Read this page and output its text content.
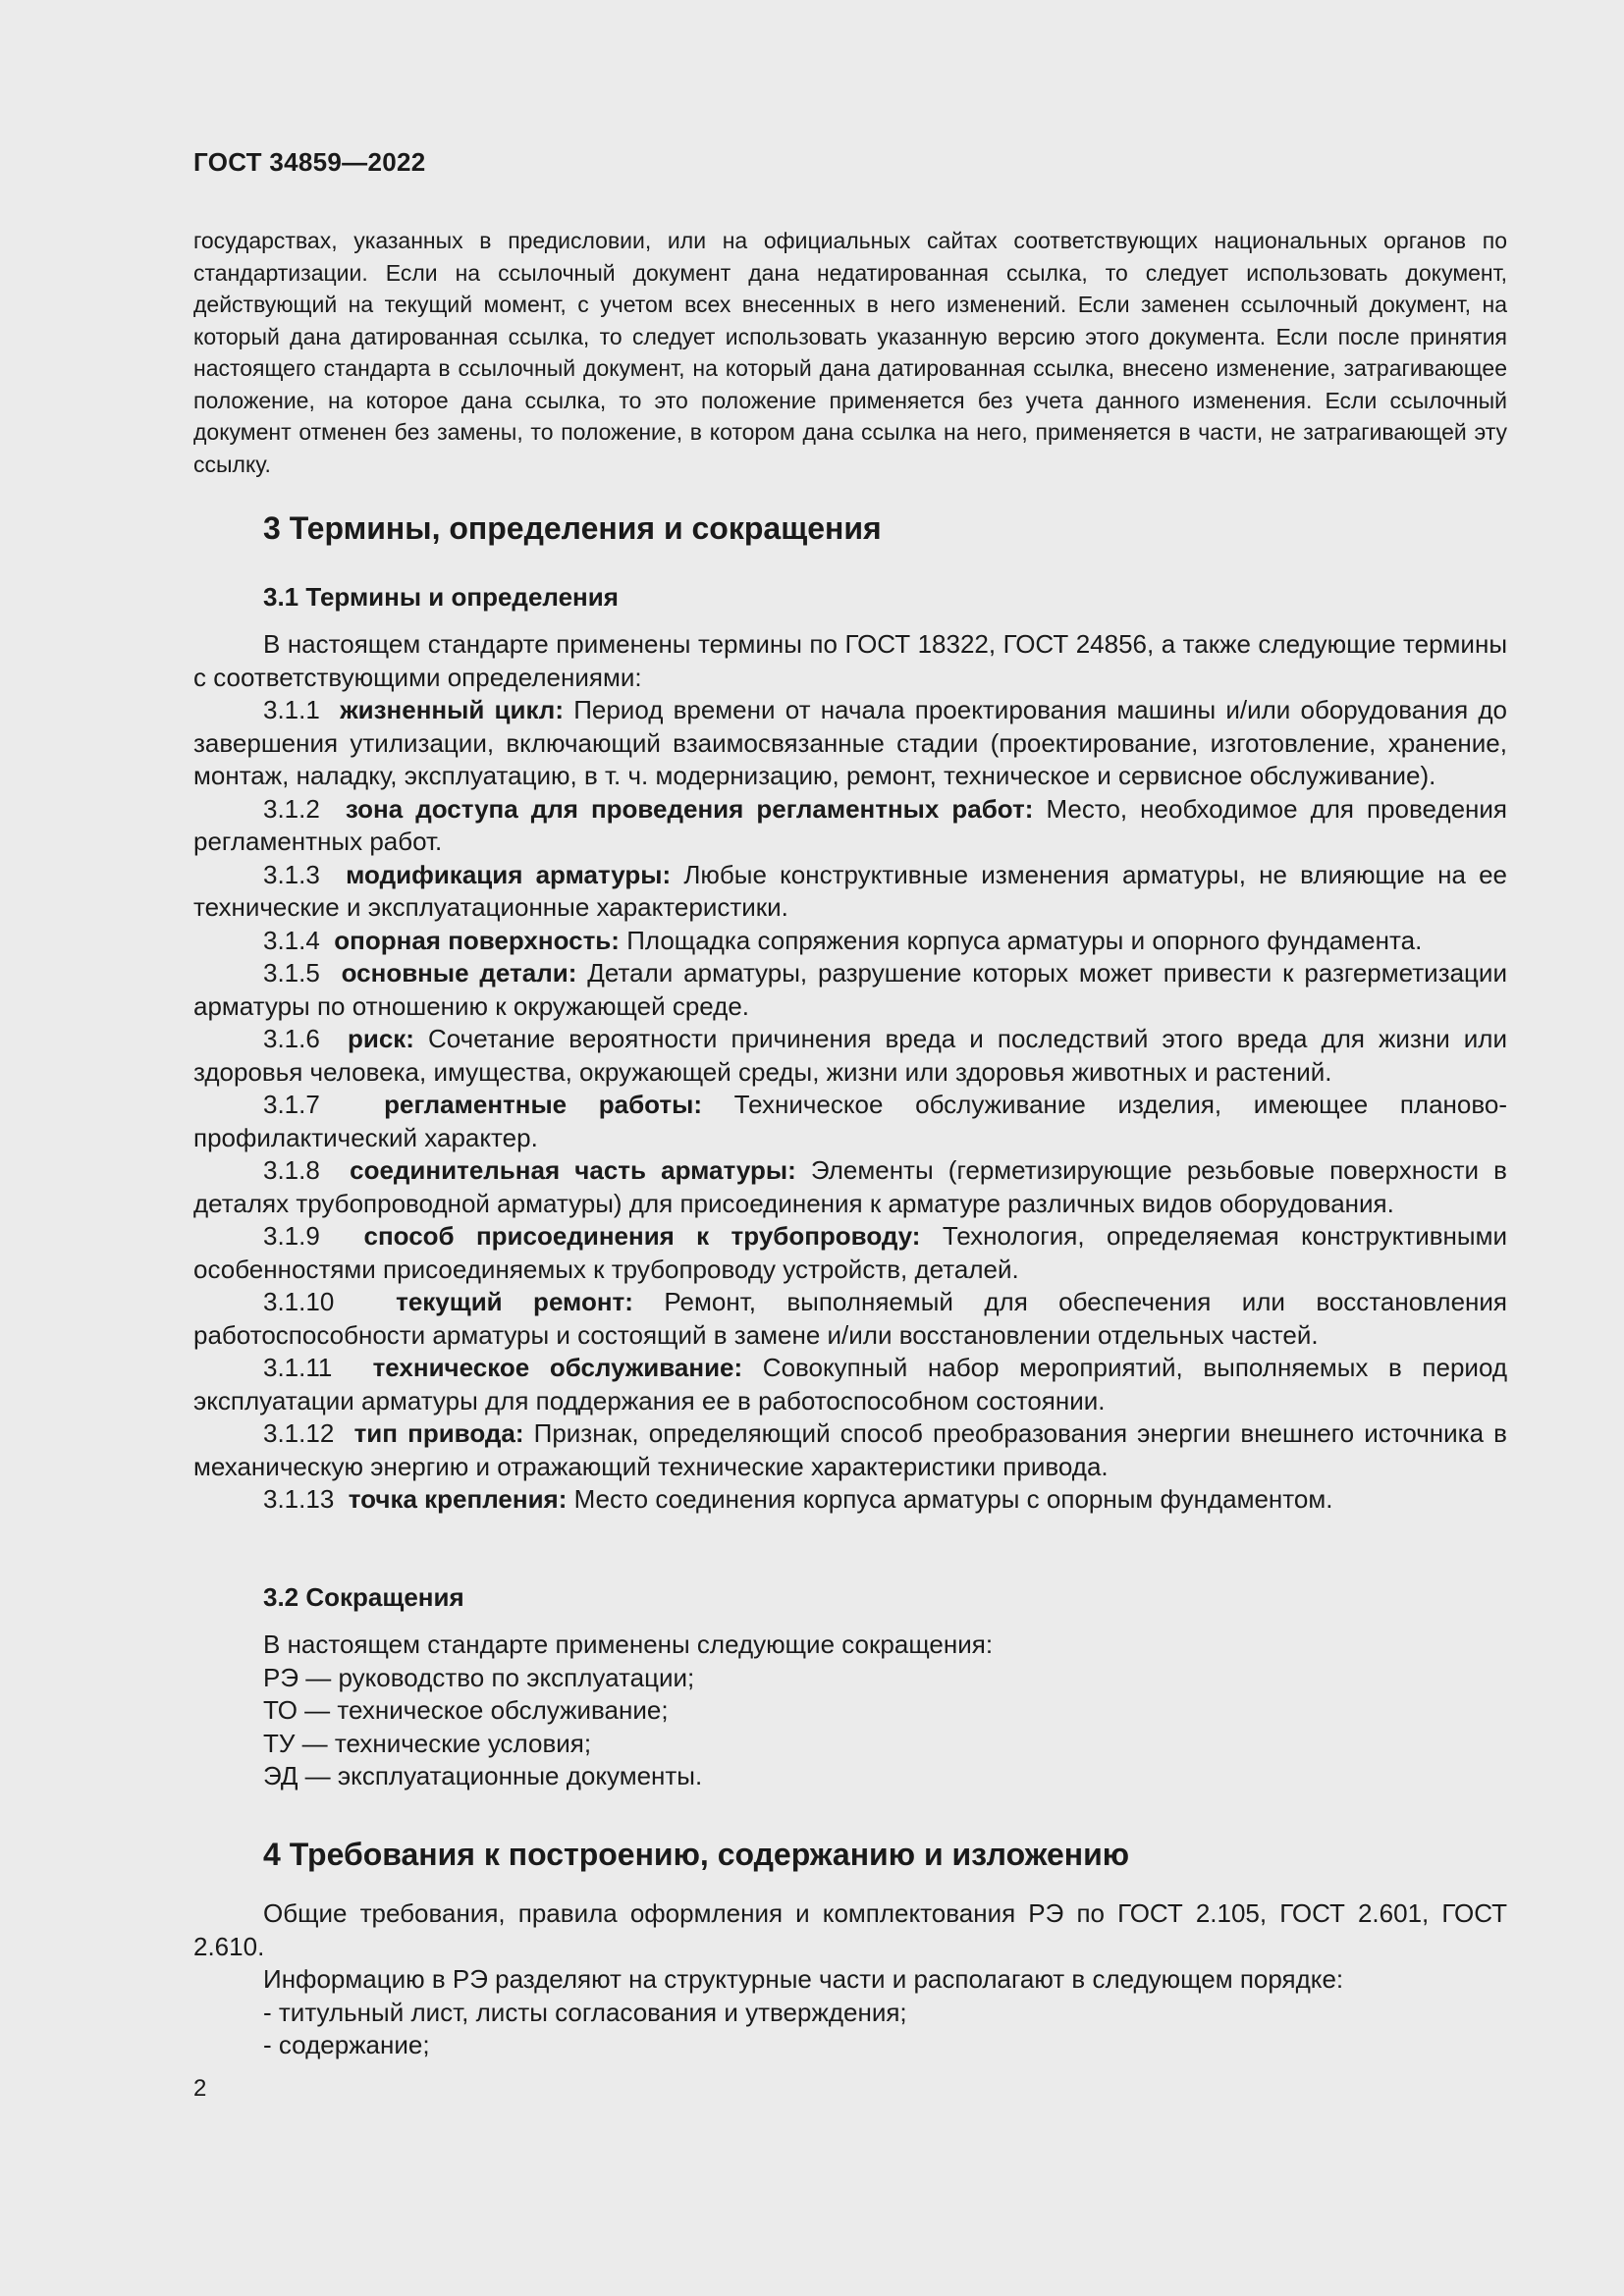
ГОСТ 34859—2022
государствах, указанных в предисловии, или на официальных сайтах соответствующих национальных органов по стандартизации. Если на ссылочный документ дана недатированная ссылка, то следует использовать документ, действующий на текущий момент, с учетом всех внесенных в него изменений. Если заменен ссылочный документ, на который дана датированная ссылка, то следует использовать указанную версию этого документа. Если после принятия настоящего стандарта в ссылочный документ, на который дана датированная ссылка, внесено изменение, затрагивающее положение, на которое дана ссылка, то это положение применяется без учета данного изменения. Если ссылочный документ отменен без замены, то положение, в котором дана ссылка на него, применяется в части, не затрагивающей эту ссылку.
3 Термины, определения и сокращения
3.1 Термины и определения
В настоящем стандарте применены термины по ГОСТ 18322, ГОСТ 24856, а также следующие термины с соответствующими определениями:
3.1.1 жизненный цикл: Период времени от начала проектирования машины и/или оборудования до завершения утилизации, включающий взаимосвязанные стадии (проектирование, изготовление, хранение, монтаж, наладку, эксплуатацию, в т. ч. модернизацию, ремонт, техническое и сервисное обслуживание).
3.1.2 зона доступа для проведения регламентных работ: Место, необходимое для проведения регламентных работ.
3.1.3 модификация арматуры: Любые конструктивные изменения арматуры, не влияющие на ее технические и эксплуатационные характеристики.
3.1.4 опорная поверхность: Площадка сопряжения корпуса арматуры и опорного фундамента.
3.1.5 основные детали: Детали арматуры, разрушение которых может привести к разгерметизации арматуры по отношению к окружающей среде.
3.1.6 риск: Сочетание вероятности причинения вреда и последствий этого вреда для жизни или здоровья человека, имущества, окружающей среды, жизни или здоровья животных и растений.
3.1.7	регламентные работы: Техническое обслуживание изделия, имеющее планово-профилактический характер.
3.1.8 соединительная часть арматуры: Элементы (герметизирующие резьбовые поверхности в деталях трубопроводной арматуры) для присоединения к арматуре различных видов оборудования.
3.1.9 способ присоединения к трубопроводу: Технология, определяемая конструктивными особенностями присоединяемых к трубопроводу устройств, деталей.
3.1.10 текущий ремонт: Ремонт, выполняемый для обеспечения или восстановления работоспособности арматуры и состоящий в замене и/или восстановлении отдельных частей.
3.1.11 техническое обслуживание: Совокупный набор мероприятий, выполняемых в период эксплуатации арматуры для поддержания ее в работоспособном состоянии.
3.1.12 тип привода: Признак, определяющий способ преобразования энергии внешнего источника в механическую энергию и отражающий технические характеристики привода.
3.1.13 точка крепления: Место соединения корпуса арматуры с опорным фундаментом.
3.2 Сокращения
В настоящем стандарте применены следующие сокращения:
РЭ — руководство по эксплуатации;
ТО — техническое обслуживание;
ТУ — технические условия;
ЭД — эксплуатационные документы.
4 Требования к построению, содержанию и изложению
Общие требования, правила оформления и комплектования РЭ по ГОСТ 2.105, ГОСТ 2.601, ГОСТ 2.610.
Информацию в РЭ разделяют на структурные части и располагают в следующем порядке:
- титульный лист, листы согласования и утверждения;
- содержание;
2
